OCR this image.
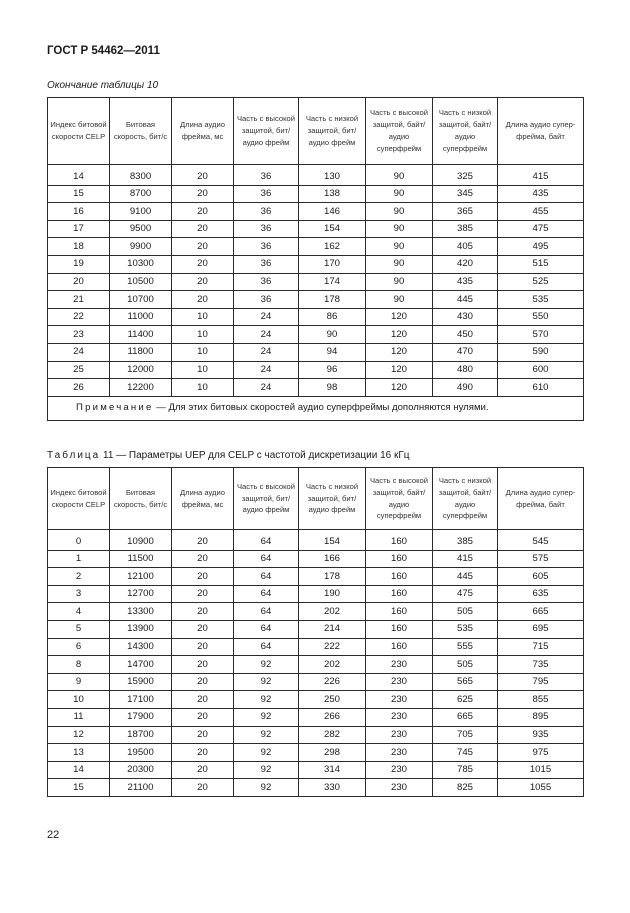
ГОСТ Р 54462—2011
Окончание таблицы 10
Индекс битовой скорости CELP	Битовая скорость, бит/с	Длина аудио фрейма, мс	Часть с высокой защитой, бит/аудио фрейм	Часть с низкой защитой, бит/аудио фрейм	Часть с высокой защитой, байт/аудио суперфрейм	Часть с низкой защитой, байт/аудио суперфрейм	Длина аудио супер-фрейма, байт
14	8300	20	36	130	90	325	415
15	8700	20	36	138	90	345	435
16	9100	20	36	146	90	365	455
17	9500	20	36	154	90	385	475
18	9900	20	36	162	90	405	495
19	10300	20	36	170	90	420	515
20	10500	20	36	174	90	435	525
21	10700	20	36	178	90	445	535
22	11000	10	24	86	120	430	550
23	11400	10	24	90	120	450	570
24	11800	10	24	94	120	470	590
25	12000	10	24	96	120	480	600
26	12200	10	24	98	120	490	610
Примечание — Для этих битовых скоростей аудио суперфреймы дополняются нулями.							
Таблица 11 — Параметры UEP для CELP с частотой дискретизации 16 кГц
Индекс битовой скорости CELP	Битовая скорость, бит/с	Длина аудио фрейма, мс	Часть с высокой защитой, бит/аудио фрейм	Часть с низкой защитой, бит/аудио фрейм	Часть с высокой защитой, байт/аудио суперфрейм	Часть с низкой защитой, байт/аудио суперфрейм	Длина аудио супер-фрейма, байт
0	10900	20	64	154	160	385	545
1	11500	20	64	166	160	415	575
2	12100	20	64	178	160	445	605
3	12700	20	64	190	160	475	635
4	13300	20	64	202	160	505	665
5	13900	20	64	214	160	535	695
6	14300	20	64	222	160	555	715
8	14700	20	92	202	230	505	735
9	15900	20	92	226	230	565	795
10	17100	20	92	250	230	625	855
11	17900	20	92	266	230	665	895
12	18700	20	92	282	230	705	935
13	19500	20	92	298	230	745	975
14	20300	20	92	314	230	785	1015
15	21100	20	92	330	230	825	1055
22
